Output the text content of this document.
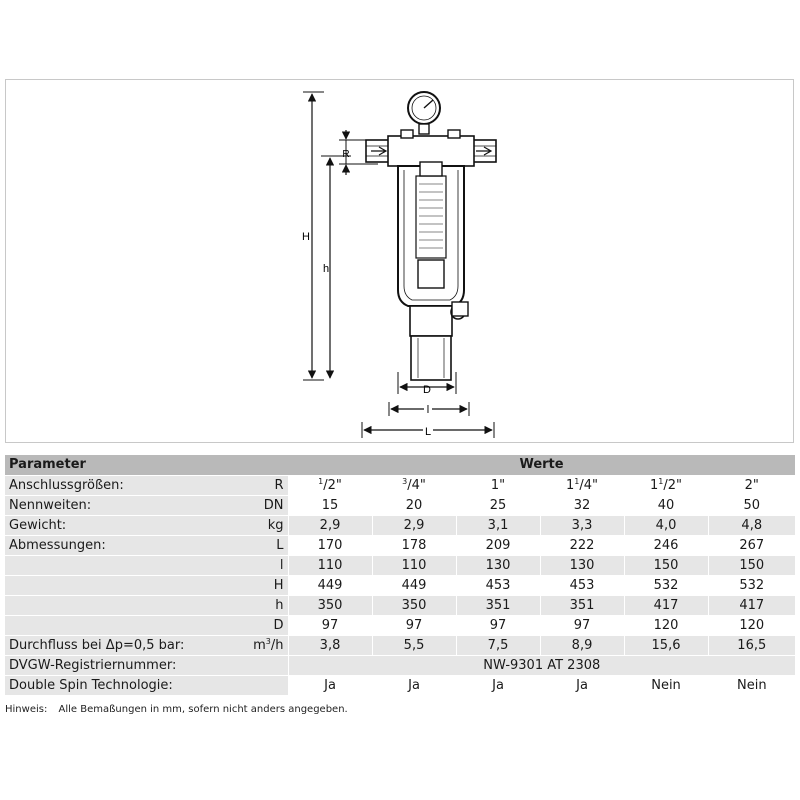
H
h
R
D
l
L
Parameter		Werte					
Anschlussgrößen:	R	$^1$/2"	$^3$/4"	1"	$1^1/4$"	$1^1/2$"	2"
Nennweiten:	DN	15	20	25	32	40	50
Gewicht:	kg	2,9	2,9	3,1	3,3	4,0	4,8
Abmessungen:	L	170	178	209	222	246	267
	l	110	110	130	130	150	150
	H	449	449	453	453	532	532
	h	350	350	351	351	417	417
	D	97	97	97	97	120	120
Durchfluss bei Δp=0,5 bar:	$m^3/h$	3,8	5,5	7,5	8,9	15,6	16,5
DVGW-Registriernummer:		NW-9301 AT 2308					
Double Spin Technologie:		Ja	Ja	Ja	Ja	Nein	Nein
Hinweis: Alle Bemaßungen in mm, sofern nicht anders angegeben.
